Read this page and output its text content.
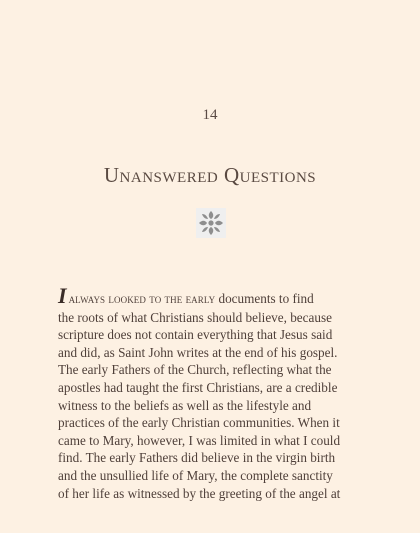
14
Unanswered Questions
Ialways looked to the early documents to find
the roots of what Christians should believe, because
scripture does not contain everything that Jesus said
and did, as Saint John writes at the end of his gospel.
The early Fathers of the Church, reflecting what the
apostles had taught the first Christians, are a credible
witness to the beliefs as well as the lifestyle and
practices of the early Christian communities. When it
came to Mary, however, I was limited in what I could
find. The early Fathers did believe in the virgin birth
and the unsullied life of Mary, the complete sanctity
of her life as witnessed by the greeting of the angel at
